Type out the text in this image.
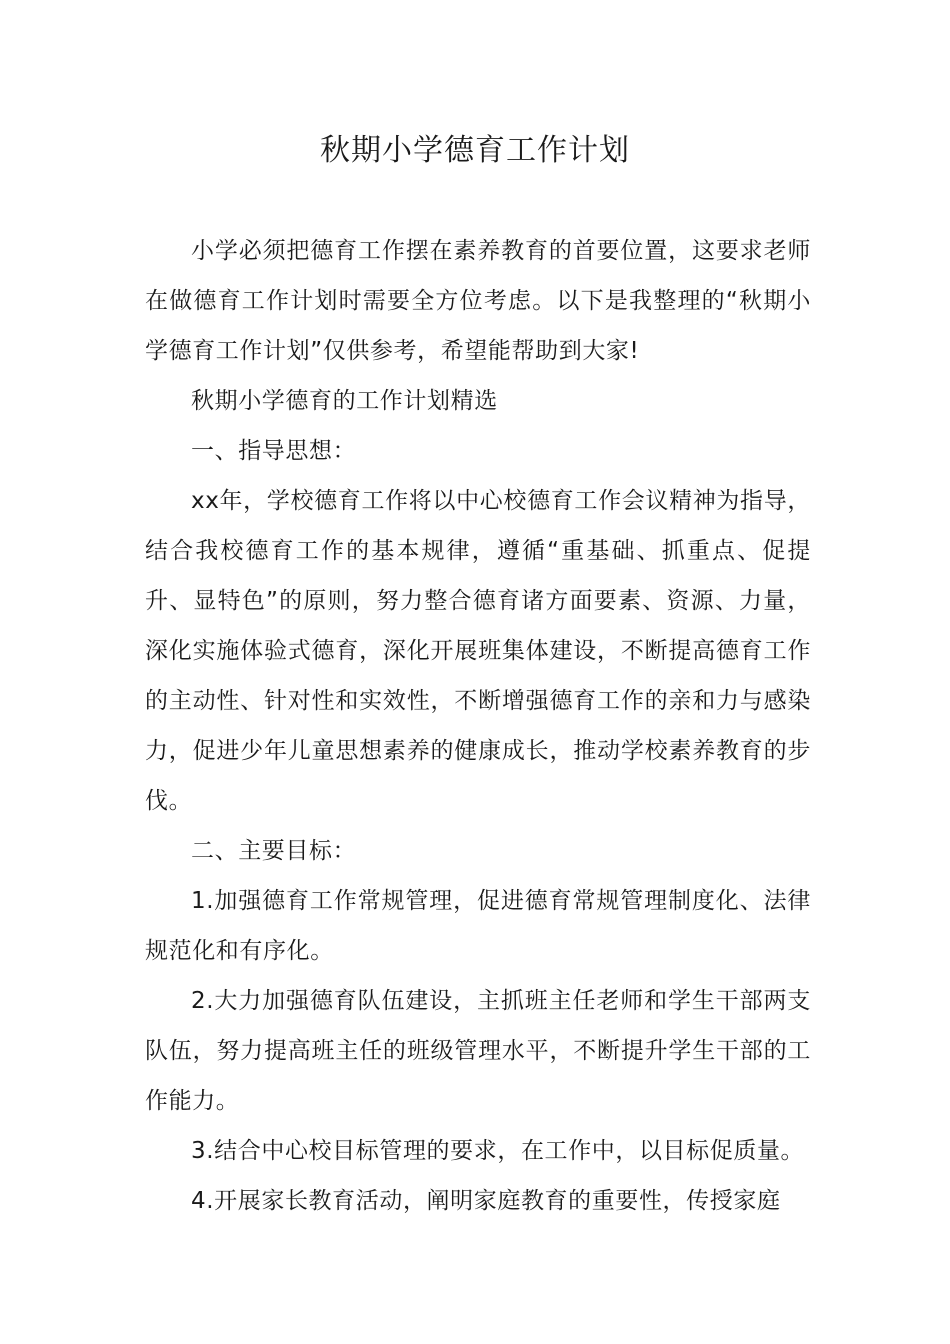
秋期小学德育工作计划

小学必须把德育工作摆在素养教育的首要位置，这要求老师在做德育工作计划时需要全方位考虑。以下是我整理的“秋期小学德育工作计划”仅供参考，希望能帮助到大家!

秋期小学德育的工作计划精选

一、指导思想：

xx年，学校德育工作将以中心校德育工作会议精神为指导，结合我校德育工作的基本规律，遵循“重基础、抓重点、促提升、显特色”的原则，努力整合德育诸方面要素、资源、力量，深化实施体验式德育，深化开展班集体建设，不断提高德育工作的主动性、针对性和实效性，不断增强德育工作的亲和力与感染力，促进少年儿童思想素养的健康成长，推动学校素养教育的步伐。

二、主要目标：

1.加强德育工作常规管理，促进德育常规管理制度化、法律规范化和有序化。

2.大力加强德育队伍建设，主抓班主任老师和学生干部两支队伍，努力提高班主任的班级管理水平，不断提升学生干部的工作能力。

3.结合中心校目标管理的要求，在工作中，以目标促质量。

4.开展家长教育活动，阐明家庭教育的重要性，传授家庭
